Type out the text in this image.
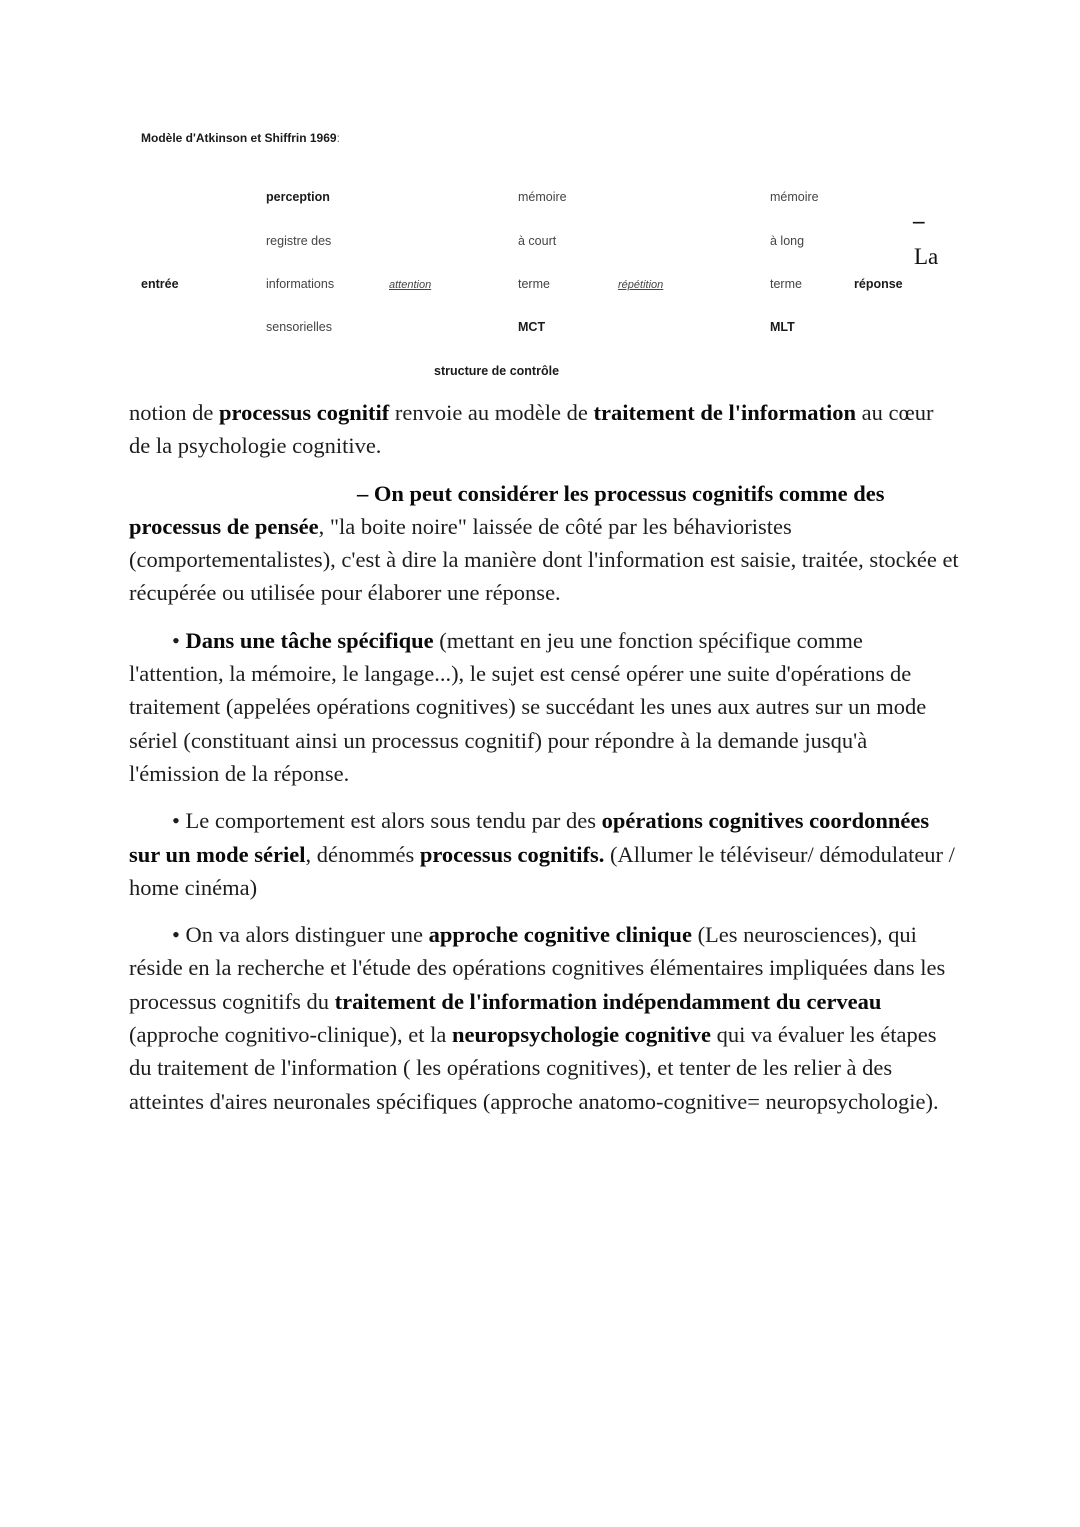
Modèle d'Atkinson et Shiffrin 1969:
entrée
perception
registre des
informations
sensorielles
attention
mémoire
à court
terme
MCT
répétition
mémoire
à long
terme
MLT
réponse
structure de contrôle
–
La

notion de processus cognitif renvoie au modèle de traitement de l'information au cœur de la psychologie cognitive.

– On peut considérer les processus cognitifs comme des processus de pensée, "la boite noire" laissée de côté par les béhavioristes (comportementalistes), c'est à dire la manière dont l'information est saisie, traitée, stockée et récupérée ou utilisée pour élaborer une réponse.

• Dans une tâche spécifique (mettant en jeu une fonction spécifique comme l'attention, la mémoire, le langage...), le sujet est censé opérer une suite d'opérations de traitement (appelées opérations cognitives) se succédant les unes aux autres sur un mode sériel (constituant ainsi un processus cognitif) pour répondre à la demande jusqu'à l'émission de la réponse.

• Le comportement est alors sous tendu par des opérations cognitives coordonnées sur un mode sériel, dénommés processus cognitifs. (Allumer le téléviseur/ démodulateur / home cinéma)

• On va alors distinguer une approche cognitive clinique (Les neurosciences), qui réside en la recherche et l'étude des opérations cognitives élémentaires impliquées dans les processus cognitifs du traitement de l'information indépendamment du cerveau (approche cognitivo-clinique), et la neuropsychologie cognitive qui va évaluer les étapes du traitement de l'information ( les opérations cognitives), et tenter de les relier à des atteintes d'aires neuronales spécifiques (approche anatomo-cognitive= neuropsychologie).
